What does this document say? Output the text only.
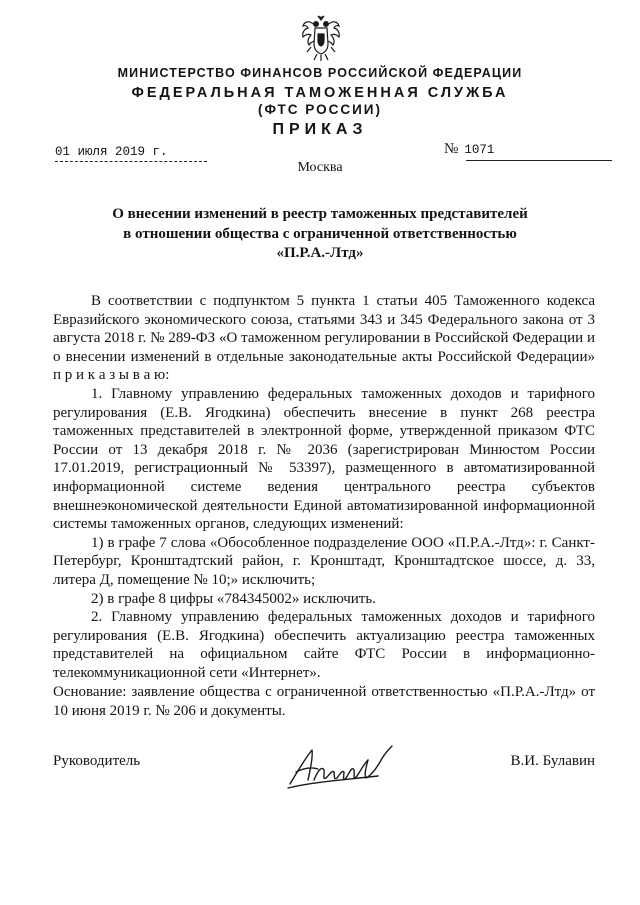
МИНИСТЕРСТВО ФИНАНСОВ РОССИЙСКОЙ ФЕДЕРАЦИИ
ФЕДЕРАЛЬНАЯ ТАМОЖЕННАЯ СЛУЖБА
(ФТС РОССИИ)
ПРИКАЗ
01 июля 2019 г.	№ 1071
Москва
О внесении изменений в реестр таможенных представителей
в отношении общества с ограниченной ответственностью
«П.Р.А.-Лтд»

В соответствии с подпунктом 5 пункта 1 статьи 405 Таможенного кодекса Евразийского экономического союза, статьями 343 и 345 Федерального закона от 3 августа 2018 г. № 289-ФЗ «О таможенном регулировании в Российской Федерации и о внесении изменений в отдельные законодательные акты Российской Федерации» п р и к а з ы в а ю:

1. Главному управлению федеральных таможенных доходов и тарифного регулирования (Е.В. Ягодкина) обеспечить внесение в пункт 268 реестра таможенных представителей в электронной форме, утвержденной приказом ФТС России от 13 декабря 2018 г. № 2036 (зарегистрирован Минюстом России 17.01.2019, регистрационный № 53397), размещенного в автоматизированной информационной системе ведения центрального реестра субъектов внешнеэкономической деятельности Единой автоматизированной информационной системы таможенных органов, следующих изменений:

1) в графе 7 слова «Обособленное подразделение ООО «П.Р.А.-Лтд»: г. Санкт-Петербург, Кронштадтский район, г. Кронштадт, Кронштадтское шоссе, д. 33, литера Д, помещение № 10;» исключить;

2) в графе 8 цифры «784345002» исключить.

2. Главному управлению федеральных таможенных доходов и тарифного регулирования (Е.В. Ягодкина) обеспечить актуализацию реестра таможенных представителей на официальном сайте ФТС России в информационно-телекоммуникационной сети «Интернет».

Основание: заявление общества с ограниченной ответственностью «П.Р.А.-Лтд» от 10 июня 2019 г. № 206 и документы.

Руководитель	В.И. Булавин
